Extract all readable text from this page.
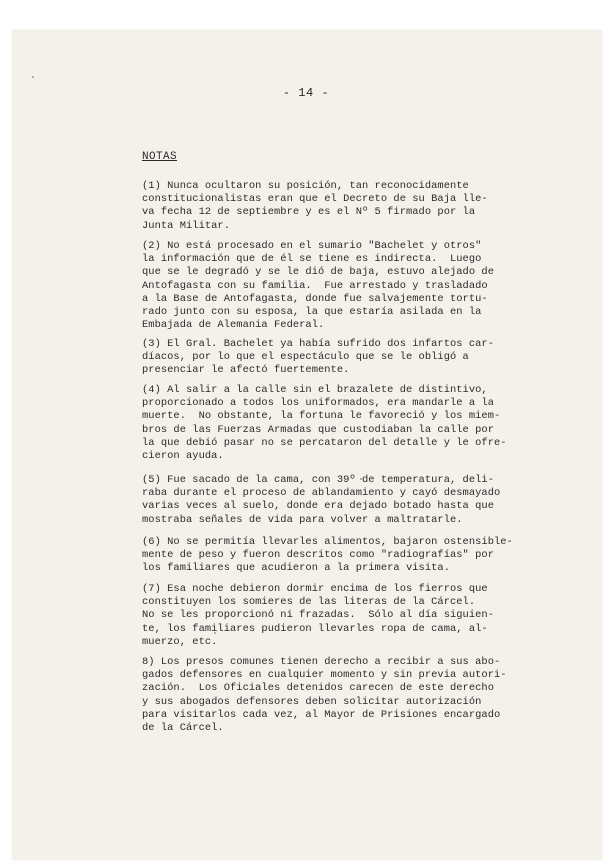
- 14 -
NOTAS

(1) Nunca ocultaron su posición, tan reconocidamente
constitucionalistas eran que el Decreto de su Baja lle-
va fecha 12 de septiembre y es el Nº 5 firmado por la
Junta Militar.

(2) No está procesado en el sumario "Bachelet y otros"
la información que de él se tiene es indirecta.  Luego
que se le degradó y se le dió de baja, estuvo alejado de
Antofagasta con su familia.  Fue arrestado y trasladado
a la Base de Antofagasta, donde fue salvajemente tortu-
rado junto con su esposa, la que estaría asilada en la
Embajada de Alemania Federal.

(3) El Gral. Bachelet ya había sufrido dos infartos car-
díacos, por lo que el espectáculo que se le obligó a
presenciar le afectó fuertemente.

(4) Al salir a la calle sin el brazalete de distintivo,
proporcionado a todos los uniformados, era mandarle a la
muerte.  No obstante, la fortuna le favoreció y los miem-
bros de las Fuerzas Armadas que custodiaban la calle por
la que debió pasar no se percataron del detalle y le ofre-
cieron ayuda.

(5) Fue sacado de la cama, con 39º de temperatura, deli-
raba durante el proceso de ablandamiento y cayó desmayado
varias veces al suelo, donde era dejado botado hasta que
mostraba señales de vida para volver a maltratarle.

(6) No se permitía llevarles alimentos, bajaron ostensible-
mente de peso y fueron descritos como "radiografías" por
los familiares que acudieron a la primera visita.

(7) Esa noche debieron dormir encima de los fierros que
constituyen los somieres de las literas de la Cárcel.
No se les proporcionó ni frazadas.  Sólo al día siguien-
te, los familiares pudieron llevarles ropa de cama, al-
muerzo, etc.

8) Los presos comunes tienen derecho a recibir a sus abo-
gados defensores en cualquier momento y sin previa autori-
zación.  Los Oficiales detenidos carecen de este derecho
y sus abogados defensores deben solicitar autorización
para visitarlos cada vez, al Mayor de Prisiones encargado
de la Cárcel.
